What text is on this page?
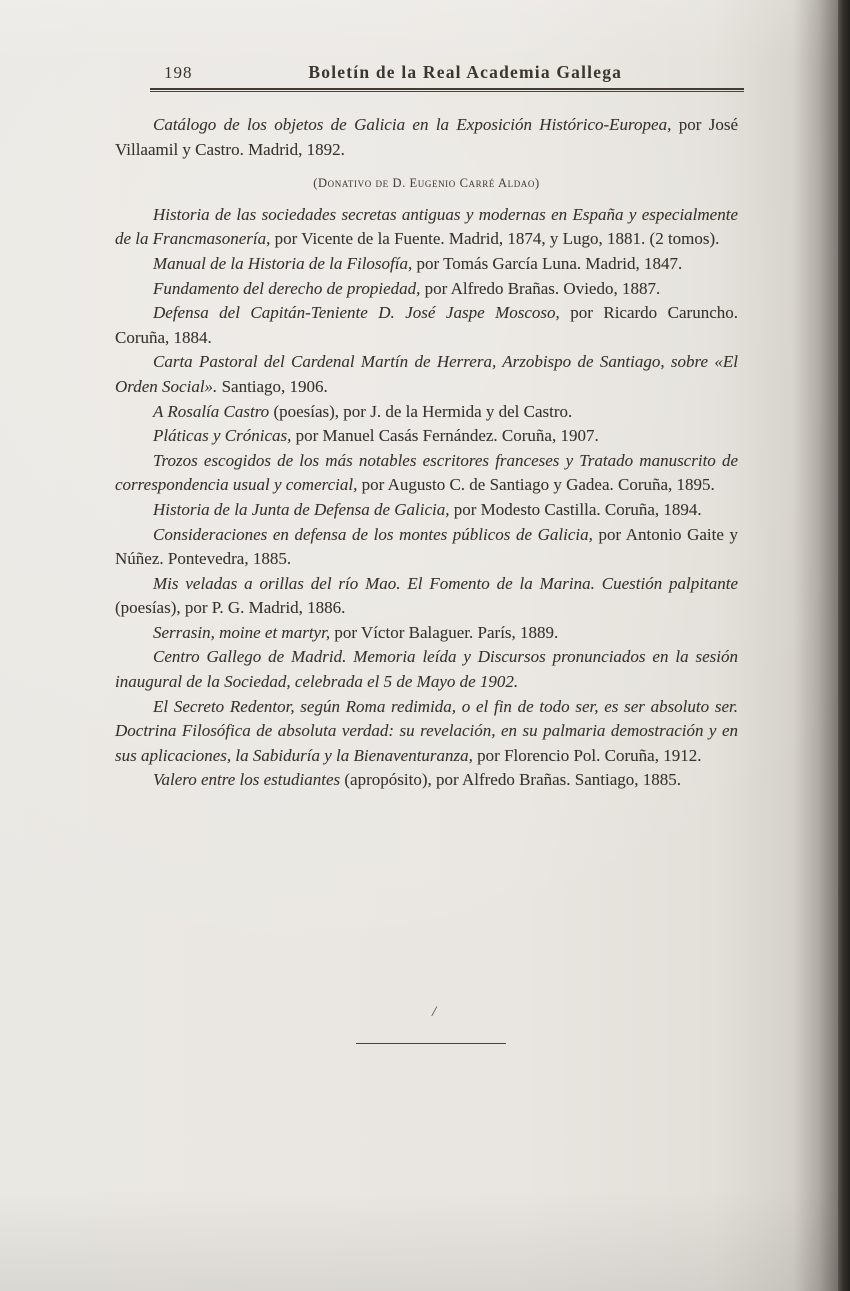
198	Boletín de la Real Academia Gallega

Catálogo de los objetos de Galicia en la Exposición Histórico-Europea, por José Villaamil y Castro. Madrid, 1892.

(Donativo de D. Eugenio Carré Aldao)

Historia de las sociedades secretas antiguas y modernas en España y especialmente de la Francmasonería, por Vicente de la Fuente. Madrid, 1874, y Lugo, 1881. (2 tomos).

Manual de la Historia de la Filosofía, por Tomás García Luna. Madrid, 1847.

Fundamento del derecho de propiedad, por Alfredo Brañas. Oviedo, 1887.

Defensa del Capitán-Teniente D. José Jaspe Moscoso, por Ricardo Caruncho. Coruña, 1884.

Carta Pastoral del Cardenal Martín de Herrera, Arzobispo de Santiago, sobre «El Orden Social». Santiago, 1906.

A Rosalía Castro (poesías), por J. de la Hermida y del Castro.

Pláticas y Crónicas, por Manuel Casás Fernández. Coruña, 1907.

Trozos escogidos de los más notables escritores franceses y Tratado manuscrito de correspondencia usual y comercial, por Augusto C. de Santiago y Gadea. Coruña, 1895.

Historia de la Junta de Defensa de Galicia, por Modesto Castilla. Coruña, 1894.

Consideraciones en defensa de los montes públicos de Galicia, por Antonio Gaite y Núñez. Pontevedra, 1885.

Mis veladas a orillas del río Mao. El Fomento de la Marina. Cuestión palpitante (poesías), por P. G. Madrid, 1886.

Serrasin, moine et martyr, por Víctor Balaguer. París, 1889.

Centro Gallego de Madrid. Memoria leída y Discursos pronunciados en la sesión inaugural de la Sociedad, celebrada el 5 de Mayo de 1902.

El Secreto Redentor, según Roma redimida, o el fin de todo ser, es ser absoluto ser. Doctrina Filosófica de absoluta verdad: su revelación, en su palmaria demostración y en sus aplicaciones, la Sabiduría y la Bienaventuranza, por Florencio Pol. Coruña, 1912.

Valero entre los estudiantes (apropósito), por Alfredo Brañas. Santiago, 1885.

/
